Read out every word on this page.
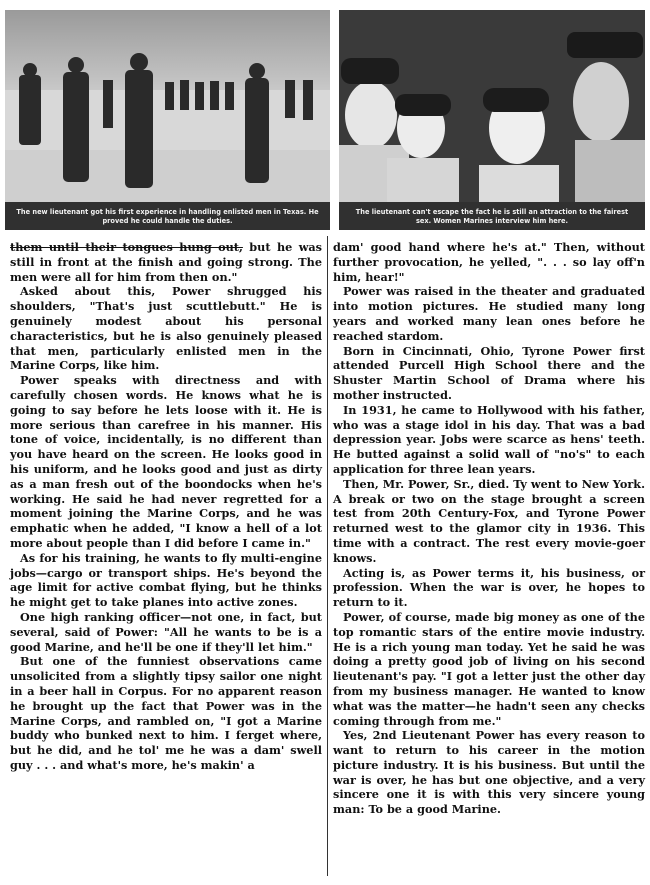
The new lieutenant got his first experience in handling enlisted men in Texas. He proved he could handle the duties.
The lieutenant can't escape the fact he is still an attraction to the fairest sex. Women Marines interview him here.

them until their tongues hung out, but he was still in front at the finish and going strong. The men were all for him from then on."

Asked about this, Power shrugged his shoulders, "That's just scuttlebutt." He is genuinely modest about his personal characteristics, but he is also genuinely pleased that men, particularly enlisted men in the Marine Corps, like him.

Power speaks with directness and with carefully chosen words. He knows what he is going to say before he lets loose with it. He is more serious than carefree in his manner. His tone of voice, incidentally, is no different than you have heard on the screen. He looks good in his uniform, and he looks good and just as dirty as a man fresh out of the boondocks when he's working. He said he had never regretted for a moment joining the Marine Corps, and he was emphatic when he added, "I know a hell of a lot more about people than I did before I came in."

As for his training, he wants to fly multi-engine jobs—cargo or transport ships. He's beyond the age limit for active combat flying, but he thinks he might get to take planes into active zones.

One high ranking officer—not one, in fact, but several, said of Power: "All he wants to be is a good Marine, and he'll be one if they'll let him."

But one of the funniest observations came unsolicited from a slightly tipsy sailor one night in a beer hall in Corpus. For no apparent reason he brought up the fact that Power was in the Marine Corps, and rambled on, "I got a Marine buddy who bunked next to him. I ferget where, but he did, and he tol' me he was a dam' swell guy . . . and what's more, he's makin' a

dam' good hand where he's at." Then, without further provocation, he yelled, ". . . so lay off'n him, hear!"

Power was raised in the theater and graduated into motion pictures. He studied many long years and worked many lean ones before he reached stardom.

Born in Cincinnati, Ohio, Tyrone Power first attended Purcell High School there and the Shuster Martin School of Drama where his mother instructed.

In 1931, he came to Hollywood with his father, who was a stage idol in his day. That was a bad depression year. Jobs were scarce as hens' teeth. He butted against a solid wall of "no's" to each application for three lean years.

Then, Mr. Power, Sr., died. Ty went to New York. A break or two on the stage brought a screen test from 20th Century-Fox, and Tyrone Power returned west to the glamor city in 1936. This time with a contract. The rest every movie-goer knows.

Acting is, as Power terms it, his business, or profession. When the war is over, he hopes to return to it.

Power, of course, made big money as one of the top romantic stars of the entire movie industry. He is a rich young man today. Yet he said he was doing a pretty good job of living on his second lieutenant's pay. "I got a letter just the other day from my business manager. He wanted to know what was the matter—he hadn't seen any checks coming through from me."

Yes, 2nd Lieutenant Power has every reason to want to return to his career in the motion picture industry. It is his business. But until the war is over, he has but one objective, and a very sincere one it is with this very sincere young man: To be a good Marine.
